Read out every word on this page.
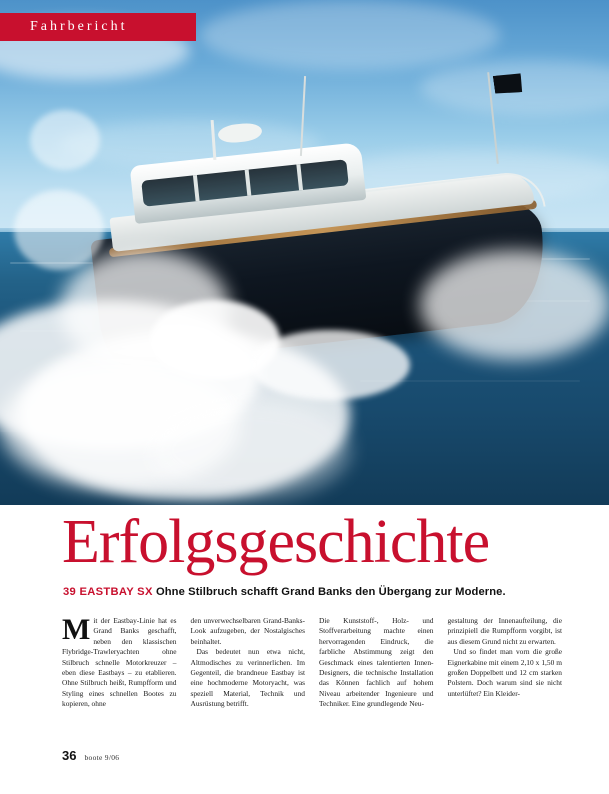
Fahrbericht
Erfolgsgeschichte
39 EASTBAY SX Ohne Stilbruch schafft Grand Banks den Übergang zur Moderne.

Mit der Eastbay-Linie hat es Grand Banks geschafft, neben den klassischen Flybridge-Trawleryachten ohne Stilbruch schnelle Motorkreuzer – eben diese Eastbays – zu etablieren. Ohne Stilbruch heißt, Rumpfform und Styling eines schnellen Bootes zu kopieren, ohne

den unverwechselbaren Grand-Banks-Look aufzugeben, der Nostalgisches beinhaltet.

Das bedeutet nun etwa nicht, Altmodisches zu verinnerlichen. Im Gegenteil, die brandneue Eastbay ist eine hochmoderne Motoryacht, was speziell Material, Technik und Ausrüstung betrifft.

Die Kunststoff-, Holz- und Stoffverarbeitung machte einen hervorragenden Eindruck, die farbliche Abstimmung zeigt den Geschmack eines talentierten Innen-Designers, die technische Installation das Können fachlich auf hohem Niveau arbeitender Ingenieure und Techniker. Eine grundlegende Neu-

gestaltung der Innenaufteilung, die prinzipiell die Rumpfform vorgibt, ist aus diesem Grund nicht zu erwarten.

Und so findet man vorn die große Eignerkabine mit einem 2,10 x 1,50 m großen Doppelbett und 12 cm starken Polstern. Doch warum sind sie nicht unterlüftet? Ein Kleider-

36 boote 9/06
